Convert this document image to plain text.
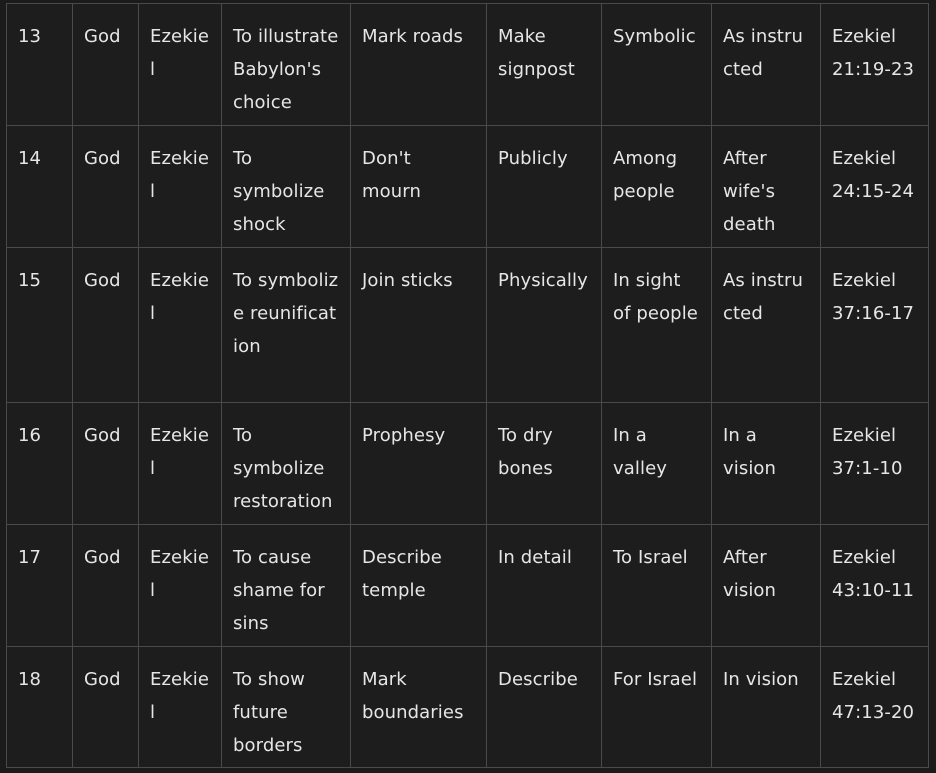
13	God	Ezekiel	To illustrate Babylon's choice	Mark roads	Make signpost	Symbolic	As instructed	Ezekiel 21:19-23
14	God	Ezekiel	To symbolize shock	Don't mourn	Publicly	Among people	After wife's death	Ezekiel 24:15-24
15	God	Ezekiel	To symbolize reunification	Join sticks	Physically	In sight of people	As instructed	Ezekiel 37:16-17
16	God	Ezekiel	To symbolize restoration	Prophesy	To dry bones	In a valley	In a vision	Ezekiel 37:1-10
17	God	Ezekiel	To cause shame for sins	Describe temple	In detail	To Israel	After vision	Ezekiel 43:10-11
18	God	Ezekiel	To show future borders	Mark boundaries	Describe	For Israel	In vision	Ezekiel 47:13-20
